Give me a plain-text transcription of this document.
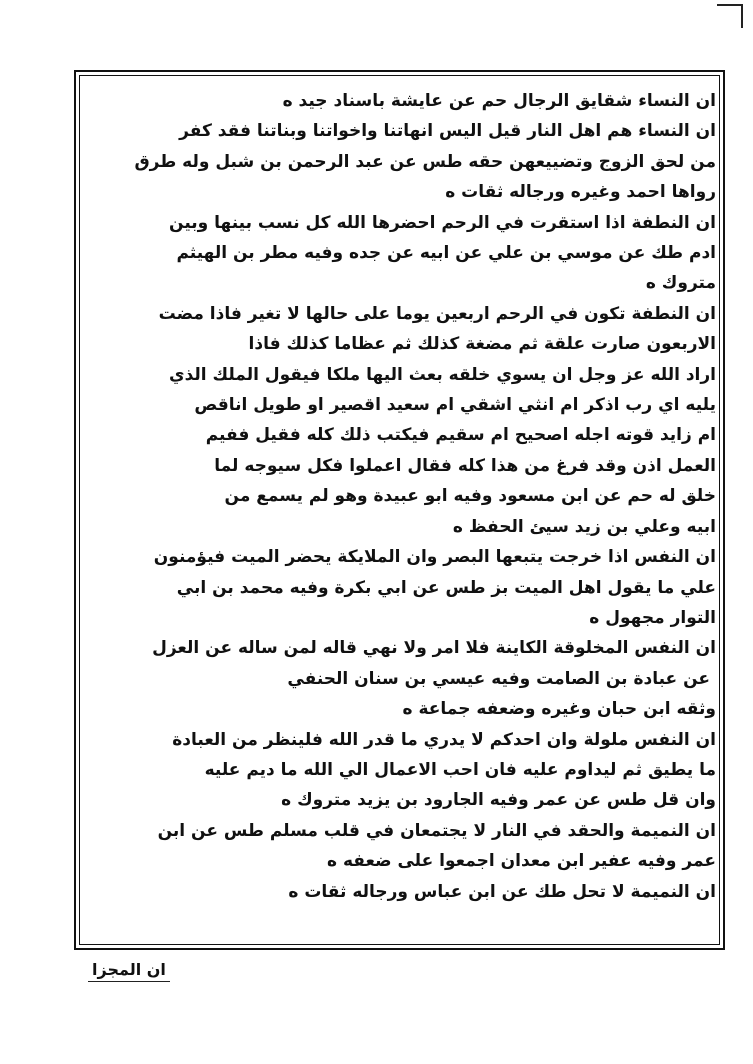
ان النساء شقايق الرجال حم عن عايشة باسناد جيد ه

ان النساء هم اهل النار قيل اليس انهاتنا واخواتنا وبناتنا فقد كفر

من لحق الزوج وتضييعهن حقه طس عن عبد الرحمن بن شبل وله طرق

رواها احمد وغيره ورجاله ثقات ه

ان النطفة اذا استقرت في الرحم احضرها الله كل نسب بينها وبين

ادم طك عن موسي بن علي عن ابيه عن جده وفيه مطر بن الهيثم

متروك ه

ان النطفة تكون في الرحم اربعين يوما على حالها لا تغير فاذا مضت

الاربعون صارت علقة ثم مضغة كذلك ثم عظاما كذلك فاذا

اراد الله عز وجل ان يسوي خلقه بعث اليها ملكا فيقول الملك الذي

يليه اي رب اذكر ام انثي اشقي ام سعيد اقصير او طويل اناقص

ام زايد قوته اجله اصحيح ام سقيم فيكتب ذلك كله فقيل ففيم

العمل اذن وقد فرغ من هذا كله فقال اعملوا فكل سيوجه لما

خلق له حم عن ابن مسعود وفيه ابو عبيدة وهو لم يسمع من

ابيه وعلي بن زيد سيئ الحفظ ه

ان النفس اذا خرجت يتبعها البصر وان الملايكة يحضر الميت فيؤمنون

علي ما يقول اهل الميت بز طس عن ابي بكرة وفيه محمد بن ابي

التوار مجهول ه

ان النفس المخلوقة الكاينة فلا امر ولا نهي قاله لمن ساله عن العزل

عن عبادة بن الصامت وفيه عيسي بن سنان الحنفي

وثقه ابن حبان وغيره وضعفه جماعة ه

ان النفس ملولة وان احدكم لا يدري ما قدر الله فلينظر من العبادة

ما يطيق ثم ليداوم عليه فان احب الاعمال الي الله ما ديم عليه

وان قل طس عن عمر وفيه الجارود بن يزيد متروك ه

ان النميمة والحقد في النار لا يجتمعان في قلب مسلم طس عن ابن

عمر وفيه عفير ابن معدان اجمعوا على ضعفه ه

ان النميمة لا تحل طك عن ابن عباس ورجاله ثقات ه

ان المجزا
